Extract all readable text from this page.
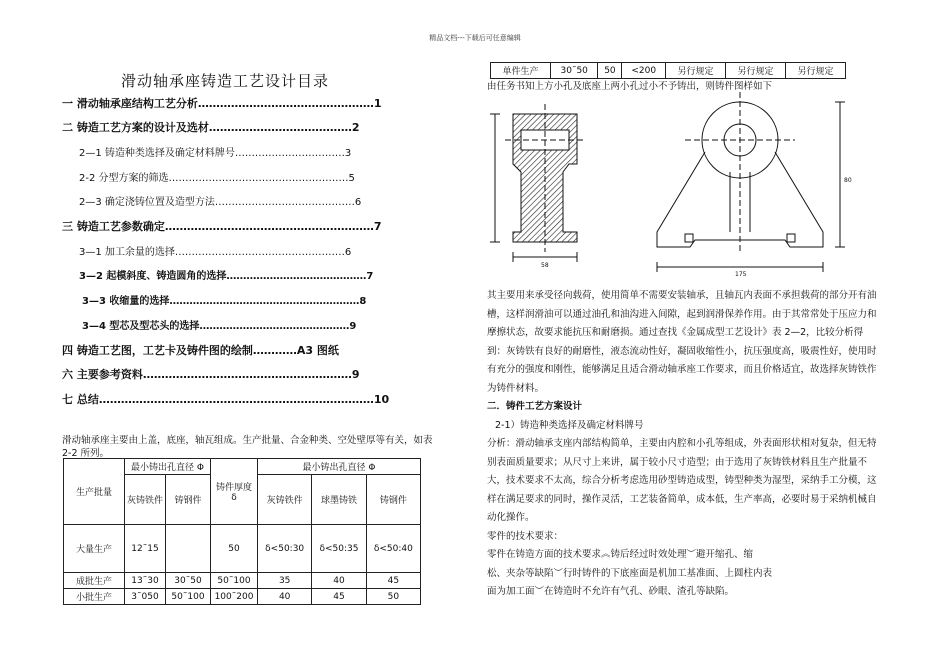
精品文档---下载后可任意编辑
滑动轴承座铸造工艺设计目录
一 滑动轴承座结构工艺分析…………………………………………1
二 铸造工艺方案的设计及选材…………………………………2
2—1 铸造种类选择及确定材料牌号……………………………3
2-2 分型方案的筛选………………………………………………5
2—3 确定浇铸位置及造型方法……………………………………6
三 铸造工艺参数确定…………………………………………………7
3—1 加工余量的选择……………………………………………6
3—2 起模斜度、铸造圆角的选择……………………………………7
3—3 收缩量的选择…………………………………………………8
3—4 型芯及型芯头的选择………………………………………9
四 铸造工艺图，工艺卡及铸件图的绘制…………A3 图纸
六 主要参考资料…………………………………………………9
七 总结…………………………………………………………………10
滑动轴承座主要由上盖，底座，轴瓦组成。生产批量、合金种类、空处壁厚等有关，如表 2-2 所列。
生产批量	最小铸出孔直径 Φ		铸件厚度 δ	最小铸出孔直径 Φ		
	灰铸铁件	铸钢件		灰铸铁件	球墨铸铁	铸钢件
大量生产	12˜15		50	δ<50:30	δ<50:35	δ<50:40
成批生产	13˜30	30˜50	50˜100	35	40	45
小批生产	3˜050	50˜100	100˜200	40	45	50
单件生产	30˜50	50	<200	另行规定	另行规定	另行规定
由任务书知上方小孔及底座上两小孔过小不予铸出，则铸件图样如下
58
175
80

其主要用来承受径向载荷，使用简单不需要安装轴承，且轴瓦内表面不承担载荷的部分开有油槽，这样润滑油可以通过油孔和油沟进入间隙，起到润滑保养作用。由于其常常处于压应力和摩擦状态，故要求能抗压和耐磨损。通过查找《金属成型工艺设计》表 2—2，比较分析得到：灰铸铁有良好的耐磨性，液态流动性好，凝固收缩性小，抗压强度高，吸震性好，使用时有充分的强度和刚性，能够满足且适合滑动轴承座工作要求，而且价格适宜，故选择灰铸铁作为铸件材料。

二．铸件工艺方案设计

2-1）铸造种类选择及确定材料牌号

分析：滑动轴承支座内部结构简单，主要由内腔和小孔等组成，外表面形状相对复杂，但无特别表面质量要求；从尺寸上来讲，属于较小尺寸造型；由于选用了灰铸铁材料且生产批量不大，技术要求不太高，综合分析考虑选用砂型铸造成型，铸型种类为湿型，采纳手工分模，这样在满足要求的同时，操作灵活，工艺装备简单，成本低，生产率高，必要时易于采纳机械自动化操作。

零件的技术要求：

零件在铸造方面的技术要求︽铸后经过时效处理︶避开缩孔、缩

松、夹杂等缺陷︶行时铸件的下底座面是机加工基准面、上圆柱内表

面为加工面︶在铸造时不允许有气孔、砂眼、渣孔等缺陷。
